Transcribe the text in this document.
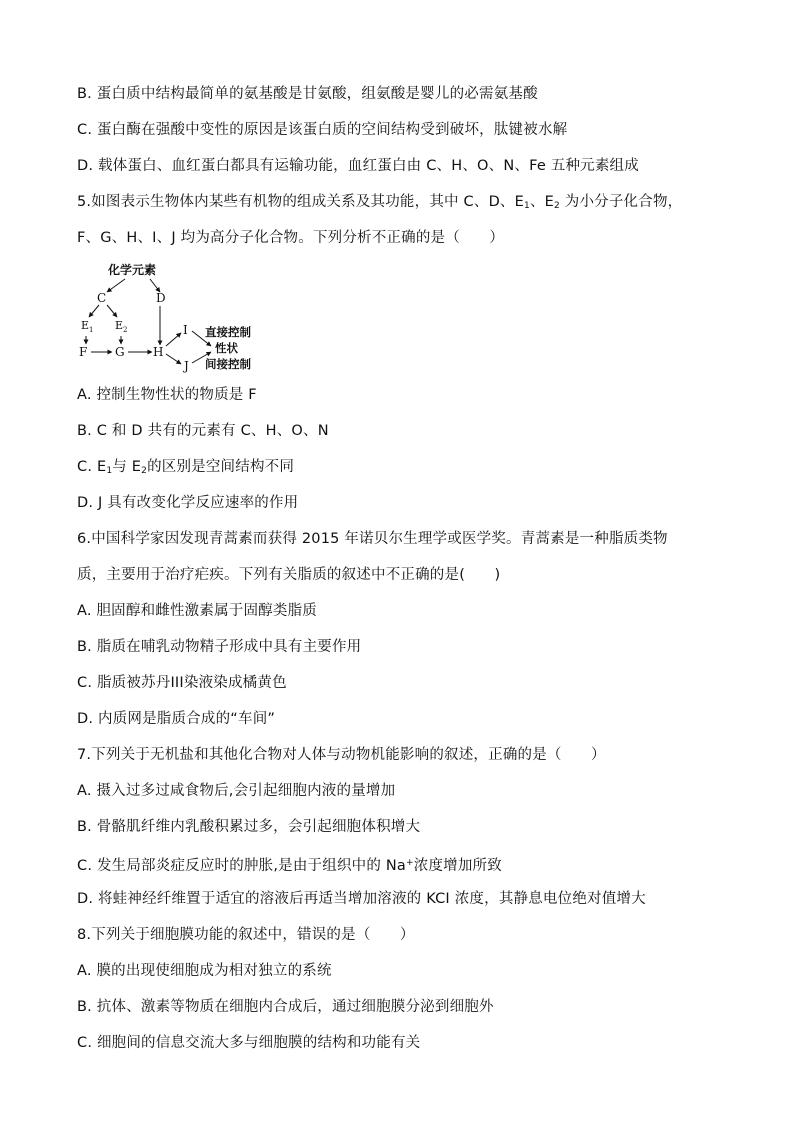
B. 蛋白质中结构最简单的氨基酸是甘氨酸，组氨酸是婴儿的必需氨基酸
C. 蛋白酶在强酸中变性的原因是该蛋白质的空间结构受到破坏，肽键被水解
D. 载体蛋白、血红蛋白都具有运输功能，血红蛋白由 C、H、O、N、Fe 五种元素组成
5.如图表示生物体内某些有机物的组成关系及其功能，其中 C、D、$E_1$、$E_2$ 为小分子化合物，
F、G、H、I、J 均为高分子化合物。下列分析不正确的是（　　）
化学元素
C	D
$E_1$ $E_2$
F G H
I
J
直接控制
性状
间接控制
A. 控制生物性状的物质是 F
B. C 和 D 共有的元素有 C、H、O、N
C. $E_1$与 $E_2$的区别是空间结构不同
D. J 具有改变化学反应速率的作用
6.中国科学家因发现青蒿素而获得 2015 年诺贝尔生理学或医学奖。青蒿素是一种脂质类物
质，主要用于治疗疟疾。下列有关脂质的叙述中不正确的是(　　)
A. 胆固醇和雌性激素属于固醇类脂质
B. 脂质在哺乳动物精子形成中具有主要作用
C. 脂质被苏丹III染液染成橘黄色
D. 内质网是脂质合成的“车间”
7.下列关于无机盐和其他化合物对人体与动物机能影响的叙述，正确的是（　　）
A. 摄入过多过咸食物后,会引起细胞内液的量增加
B. 骨骼肌纤维内乳酸积累过多，会引起细胞体积增大
C. 发生局部炎症反应时的肿胀,是由于组织中的 Na+浓度增加所致
D. 将蛙神经纤维置于适宜的溶液后再适当增加溶液的 KCI 浓度，其静息电位绝对值增大
8.下列关于细胞膜功能的叙述中，错误的是（　　）
A. 膜的出现使细胞成为相对独立的系统
B. 抗体、激素等物质在细胞内合成后，通过细胞膜分泌到细胞外
C. 细胞间的信息交流大多与细胞膜的结构和功能有关
